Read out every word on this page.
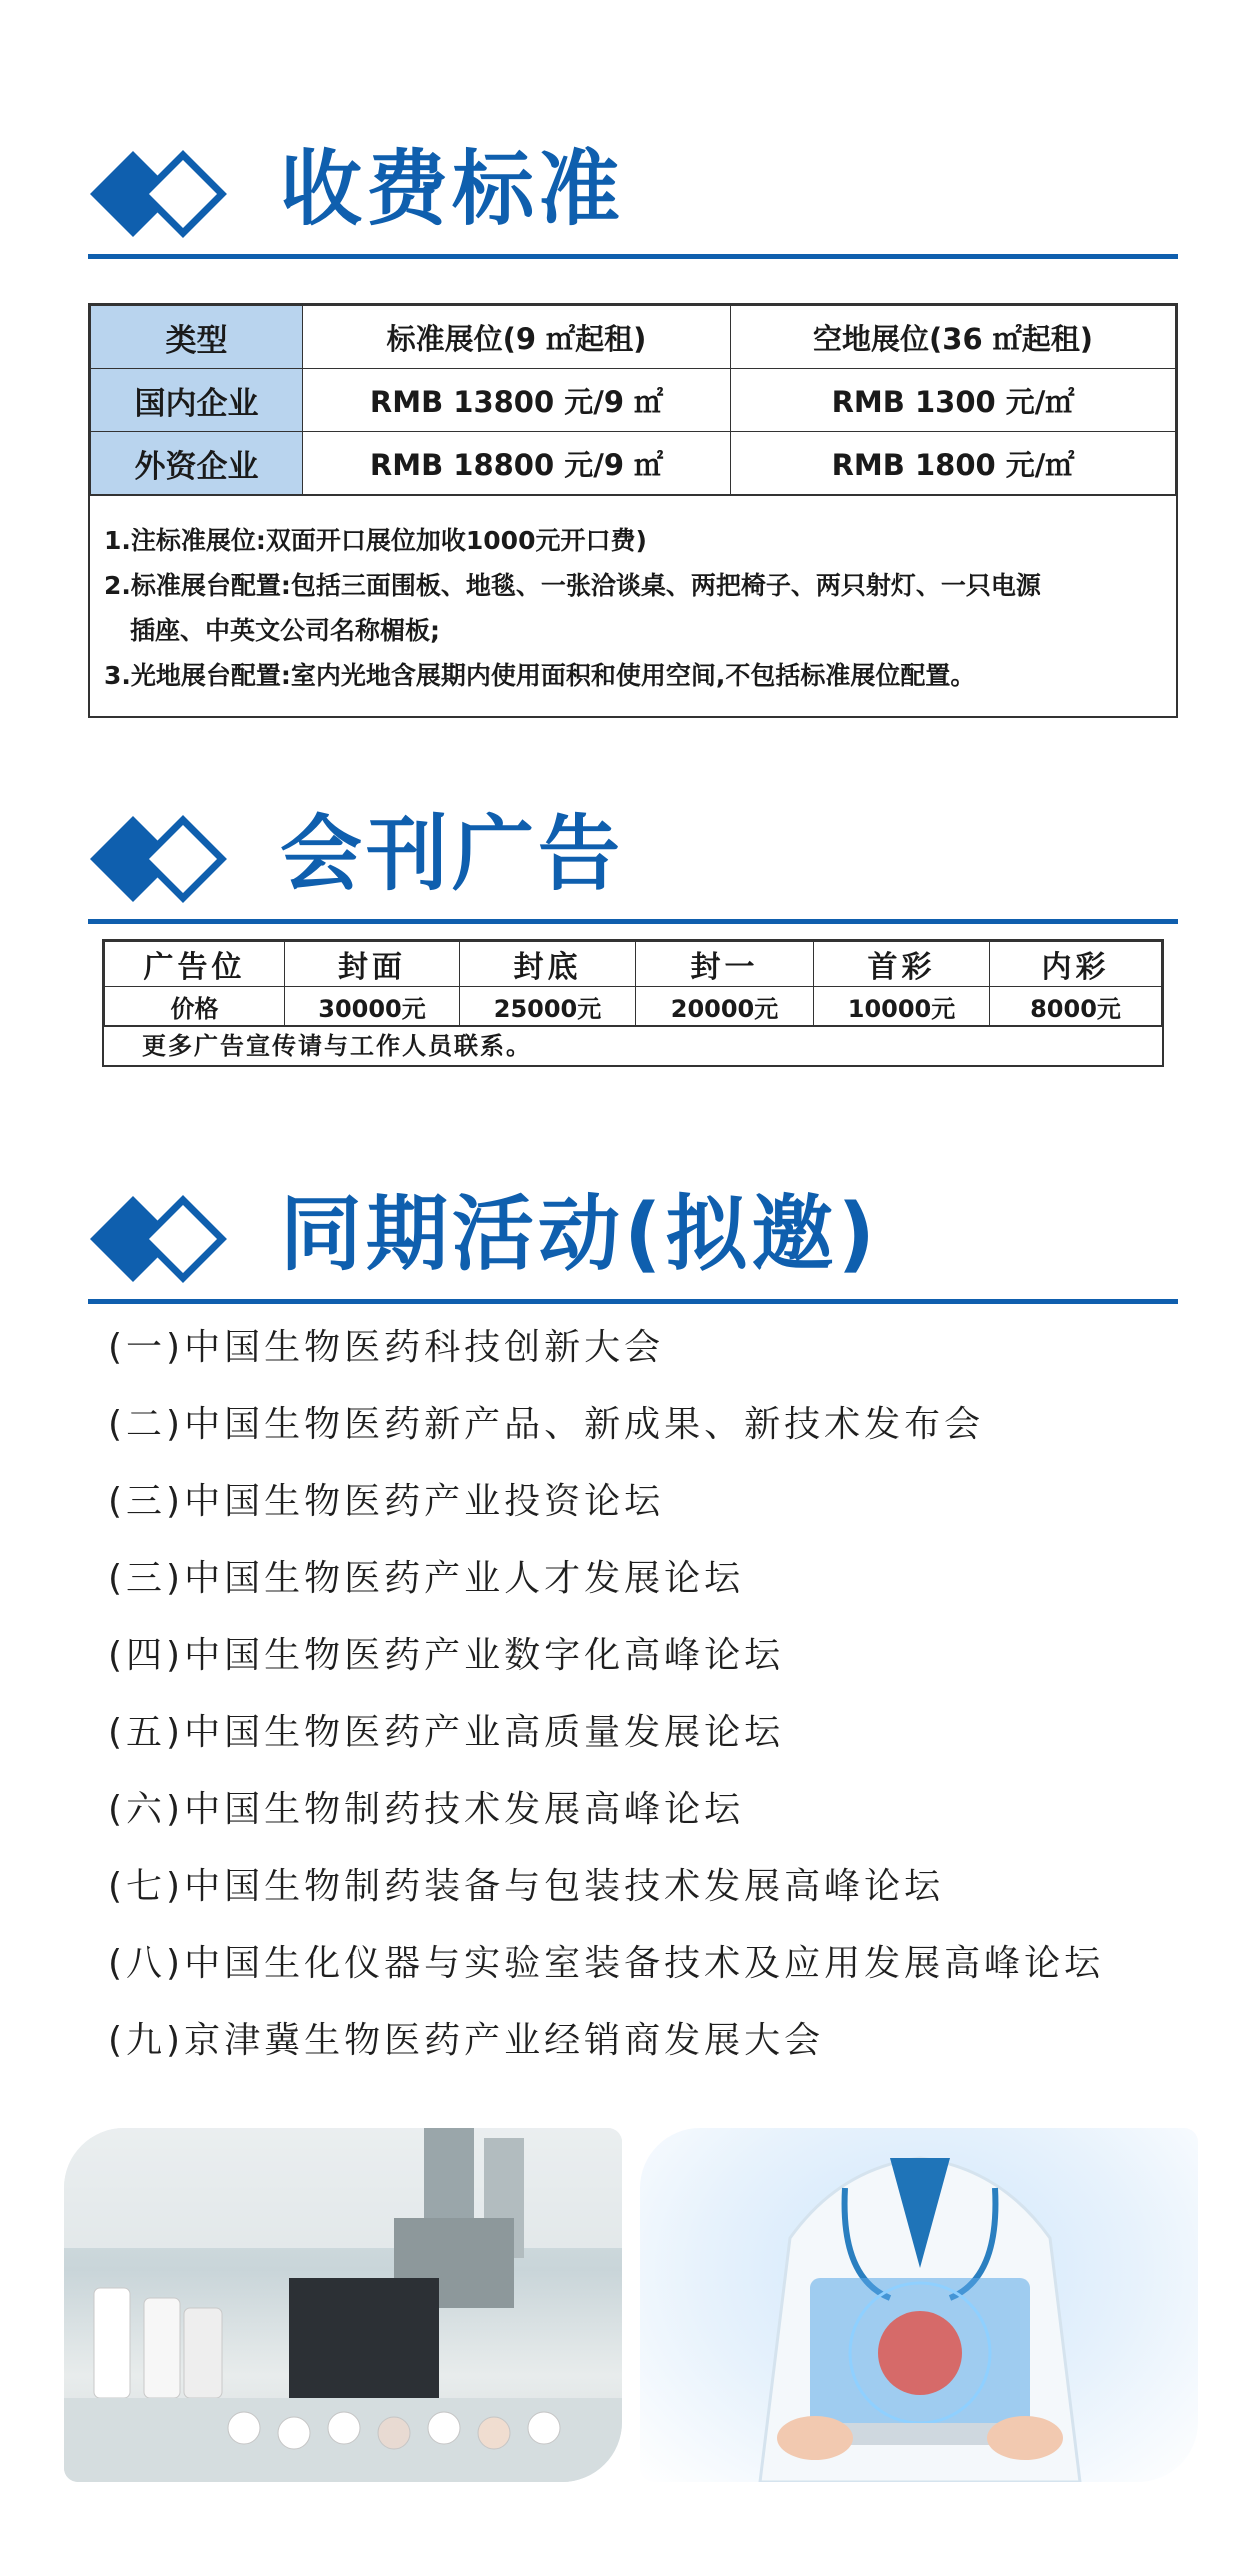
收费标准
类型	标准展位(9 ㎡起租)	空地展位(36 ㎡起租)
国内企业	RMB 13800 元/9 ㎡	RMB 1300 元/㎡
外资企业	RMB 18800 元/9 ㎡	RMB 1800 元/㎡

1.注标准展位:双面开口展位加收1000元开口费)

2.标准展台配置:包括三面围板、地毯、一张洽谈桌、两把椅子、两只射灯、一只电源

插座、中英文公司名称楣板;

3.光地展台配置:室内光地含展期内使用面积和使用空间,不包括标准展位配置。

会刊广告
广告位	封面	封底	封一	首彩	内彩
价格	30000元	25000元	20000元	10000元	8000元
更多广告宣传请与工作人员联系。
同期活动(拟邀)
(一)中国生物医药科技创新大会
(二)中国生物医药新产品、新成果、新技术发布会
(三)中国生物医药产业投资论坛
(三)中国生物医药产业人才发展论坛
(四)中国生物医药产业数字化高峰论坛
(五)中国生物医药产业高质量发展论坛
(六)中国生物制药技术发展高峰论坛
(七)中国生物制药装备与包装技术发展高峰论坛
(八)中国生化仪器与实验室装备技术及应用发展高峰论坛
(九)京津冀生物医药产业经销商发展大会
